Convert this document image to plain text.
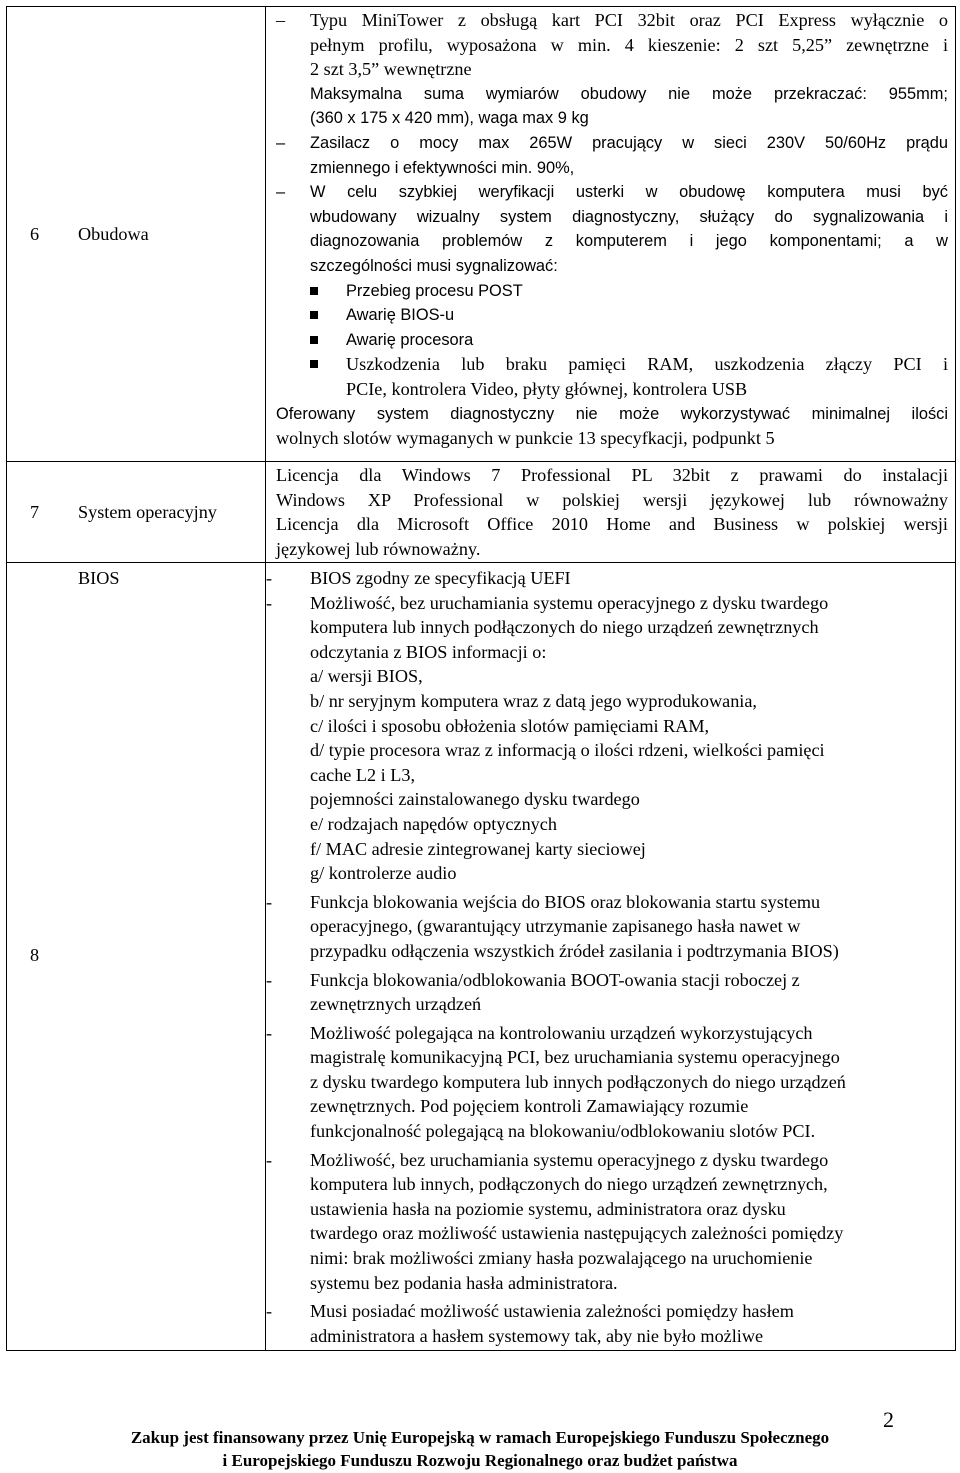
6 Obudowa
– Typu MiniTower z obsługą kart PCI 32bit oraz PCI Express wyłącznie o
pełnym profilu, wyposażona w min. 4 kieszenie: 2 szt 5,25” zewnętrzne i
2 szt 3,5” wewnętrzne
Maksymalna suma wymiarów obudowy nie może przekraczać: 955mm;
(360 x 175 x 420 mm), waga max 9 kg
– Zasilacz o mocy max 265W pracujący w sieci 230V 50/60Hz prądu
zmiennego i efektywności min. 90%,
– W celu szybkiej weryfikacji usterki w obudowę komputera musi być
wbudowany wizualny system diagnostyczny, służący do sygnalizowania i
diagnozowania problemów z komputerem i jego komponentami; a w
szczególności musi sygnalizować:
Przebieg procesu POST
Awarię BIOS-u
Awarię procesora
Uszkodzenia lub braku pamięci RAM, uszkodzenia złączy PCI i
PCIe, kontrolera Video, płyty głównej, kontrolera USB
Oferowany system diagnostyczny nie może wykorzystywać minimalnej ilości
wolnych slotów wymaganych w punkcie 13 specyfkacji, podpunkt 5
7 System operacyjny
Licencja dla Windows 7 Professional PL 32bit z prawami do instalacji
Windows XP Professional w polskiej wersji językowej lub równoważny
Licencja dla Microsoft Office 2010 Home and Business w polskiej wersji
językowej lub równoważny.
8
BIOS	- BIOS zgodny ze specyfikacją UEFI
- Możliwość, bez uruchamiania systemu operacyjnego z dysku twardego
komputera lub innych podłączonych do niego urządzeń zewnętrznych
odczytania z BIOS informacji o:
a/ wersji BIOS,
b/ nr seryjnym komputera wraz z datą jego wyprodukowania,
c/ ilości i sposobu obłożenia slotów pamięciami RAM,
d/ typie procesora wraz z informacją o ilości rdzeni, wielkości pamięci
cache L2 i L3,
pojemności zainstalowanego dysku twardego
e/ rodzajach napędów optycznych
f/ MAC adresie zintegrowanej karty sieciowej
g/ kontrolerze audio
- Funkcja blokowania wejścia do BIOS oraz blokowania startu systemu
operacyjnego, (gwarantujący utrzymanie zapisanego hasła nawet w
przypadku odłączenia wszystkich źródeł zasilania i podtrzymania BIOS)
- Funkcja blokowania/odblokowania BOOT-owania stacji roboczej z
zewnętrznych urządzeń
- Możliwość polegająca na kontrolowaniu urządzeń wykorzystujących
magistralę komunikacyjną PCI, bez uruchamiania systemu operacyjnego
z dysku twardego komputera lub innych podłączonych do niego urządzeń
zewnętrznych. Pod pojęciem kontroli Zamawiający rozumie
funkcjonalność polegającą na blokowaniu/odblokowaniu slotów PCI.
- Możliwość, bez uruchamiania systemu operacyjnego z dysku twardego
komputera lub innych, podłączonych do niego urządzeń zewnętrznych,
ustawienia hasła na poziomie systemu, administratora oraz dysku
twardego oraz możliwość ustawienia następujących zależności pomiędzy
nimi: brak możliwości zmiany hasła pozwalającego na uruchomienie
systemu bez podania hasła administratora.
- Musi posiadać możliwość ustawienia zależności pomiędzy hasłem
administratora a hasłem systemowy tak, aby nie było możliwe
2
Zakup jest finansowany przez Unię Europejską w ramach Europejskiego Funduszu Społecznego
i Europejskiego Funduszu Rozwoju Regionalnego oraz budżet państwa
